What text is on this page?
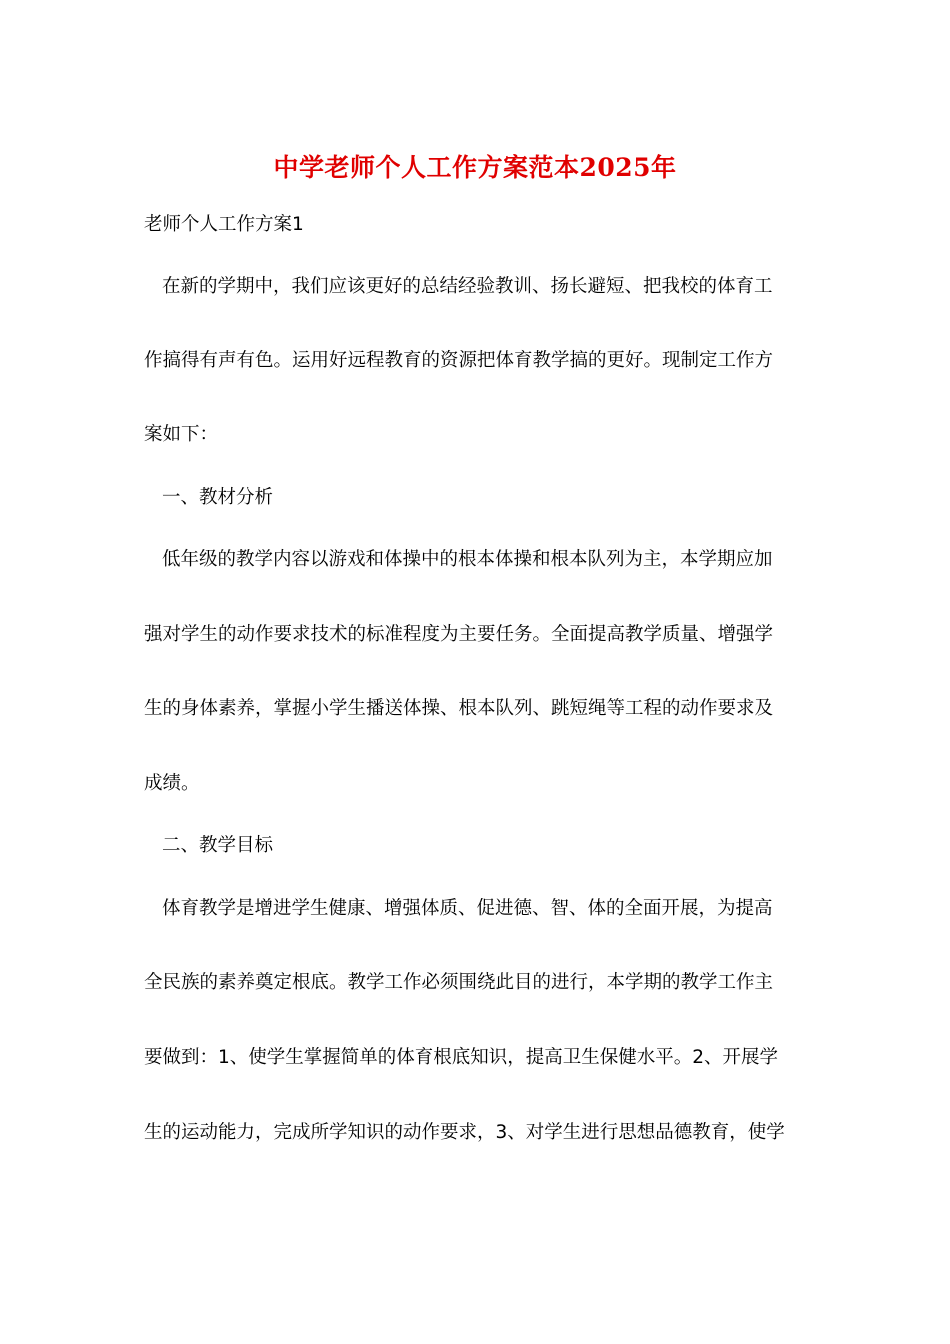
中学老师个人工作方案范本2025年
老师个人工作方案1
在新的学期中，我们应该更好的总结经验教训、扬长避短、把我校的体育工
作搞得有声有色。运用好远程教育的资源把体育教学搞的更好。现制定工作方
案如下：
一、教材分析
低年级的教学内容以游戏和体操中的根本体操和根本队列为主，本学期应加
强对学生的动作要求技术的标准程度为主要任务。全面提高教学质量、增强学
生的身体素养，掌握小学生播送体操、根本队列、跳短绳等工程的动作要求及
成绩。
二、教学目标
体育教学是增进学生健康、增强体质、促进德、智、体的全面开展，为提高
全民族的素养奠定根底。教学工作必须围绕此目的进行，本学期的教学工作主
要做到：1、使学生掌握简单的体育根底知识，提高卫生保健水平。2、开展学
生的运动能力，完成所学知识的动作要求，3、对学生进行思想品德教育，使学
